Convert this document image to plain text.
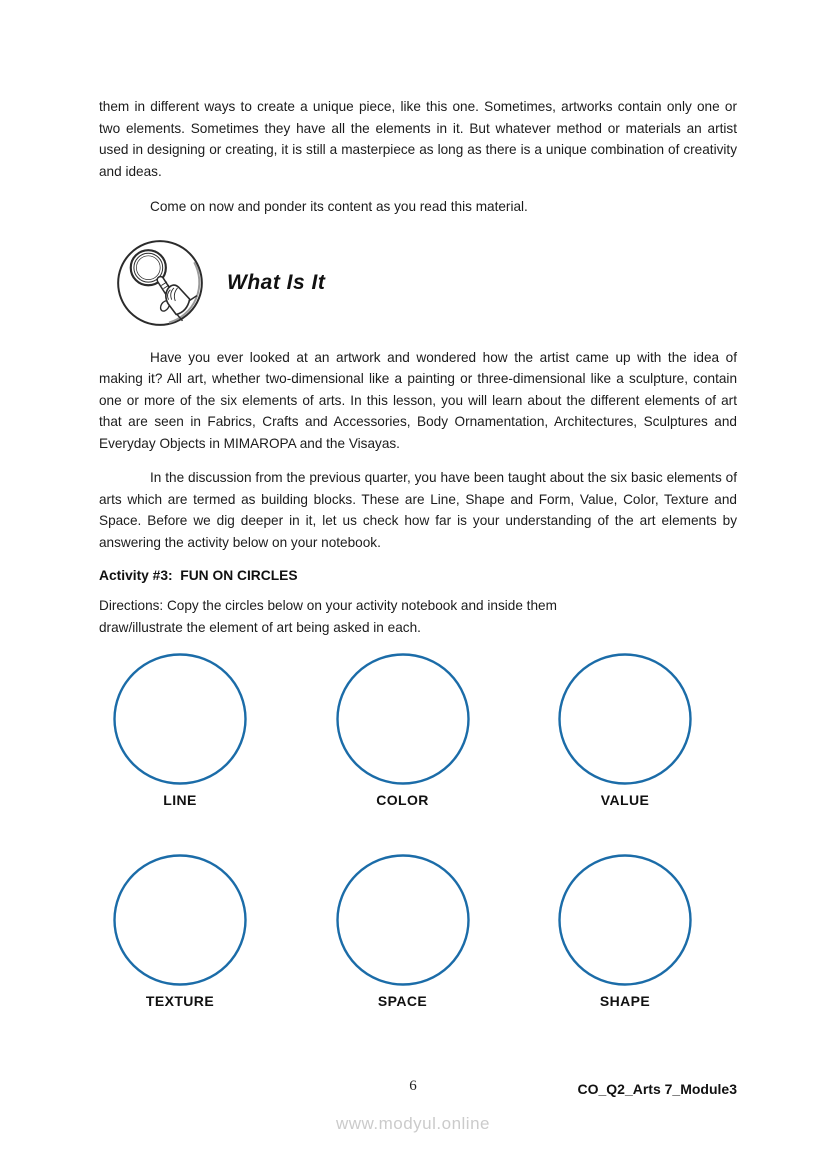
them in different ways to create a unique piece, like this one. Sometimes, artworks contain only one or two elements. Sometimes they have all the elements in it. But whatever method or materials an artist used in designing or creating, it is still a masterpiece as long as there is a unique combination of creativity and ideas.

Come on now and ponder its content as you read this material.

What Is It

Have you ever looked at an artwork and wondered how the artist came up with the idea of making it? All art, whether two-dimensional like a painting or three-dimensional like a sculpture, contain one or more of the six elements of arts. In this lesson, you will learn about the different elements of art that are seen in Fabrics, Crafts and Accessories, Body Ornamentation, Architectures, Sculptures and Everyday Objects in MIMAROPA and the Visayas.

In the discussion from the previous quarter, you have been taught about the six basic elements of arts which are termed as building blocks. These are Line, Shape and Form, Value, Color, Texture and Space. Before we dig deeper in it, let us check how far is your understanding of the art elements by answering the activity below on your notebook.

Activity #3:  FUN ON CIRCLES
Directions: Copy the circles below on your activity notebook and inside them
draw/illustrate the element of art being asked in each.
LINE	COLOR	VALUE
TEXTURE	SPACE	SHAPE
6	CO_Q2_Arts 7_Module3
www.modyul.online
